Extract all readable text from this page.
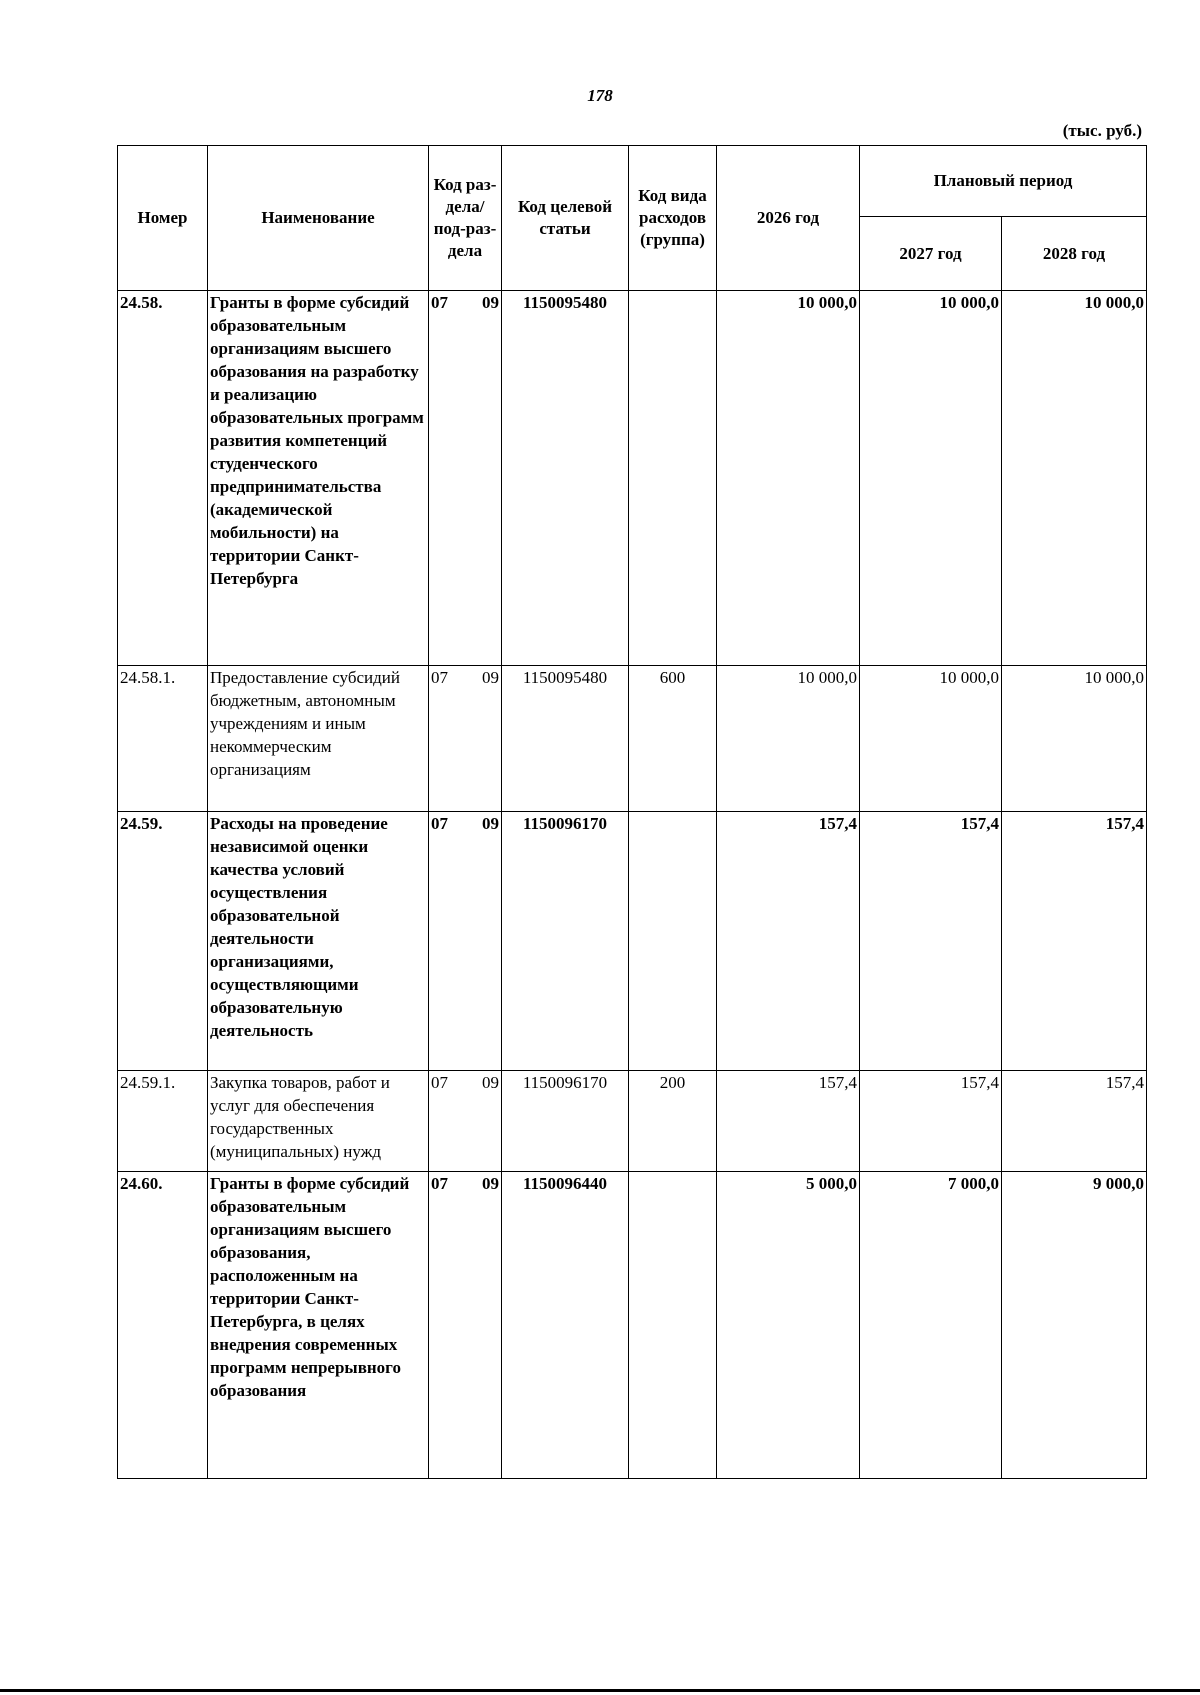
178
(тыс. руб.)
Номер	Наименование	Код раз-дела/ под-раз-дела	Код целевой статьи	Код вида расходов (группа)	2026 год	Плановый период	
						2027 год	2028 год
24.58.	Гранты в форме субсидий образовательным организациям высшего образования на разработку и реализацию образовательных программ развития компетенций студенческого предпринимательства (академической мобильности) на территории Санкт-Петербурга	07 09	1150095480		10 000,0	10 000,0	10 000,0
24.58.1.	Предоставление субсидий бюджетным, автономным учреждениям и иным некоммерческим организациям	07 09	1150095480	600	10 000,0	10 000,0	10 000,0
24.59.	Расходы на проведение независимой оценки качества условий осуществления образовательной деятельности организациями, осуществляющими образовательную деятельность	07 09	1150096170		157,4	157,4	157,4
24.59.1.	Закупка товаров, работ и услуг для обеспечения государственных (муниципальных) нужд	07 09	1150096170	200	157,4	157,4	157,4
24.60.	Гранты в форме субсидий образовательным организациям высшего образования, расположенным на территории Санкт-Петербурга, в целях внедрения современных программ непрерывного образования	07 09	1150096440		5 000,0	7 000,0	9 000,0
